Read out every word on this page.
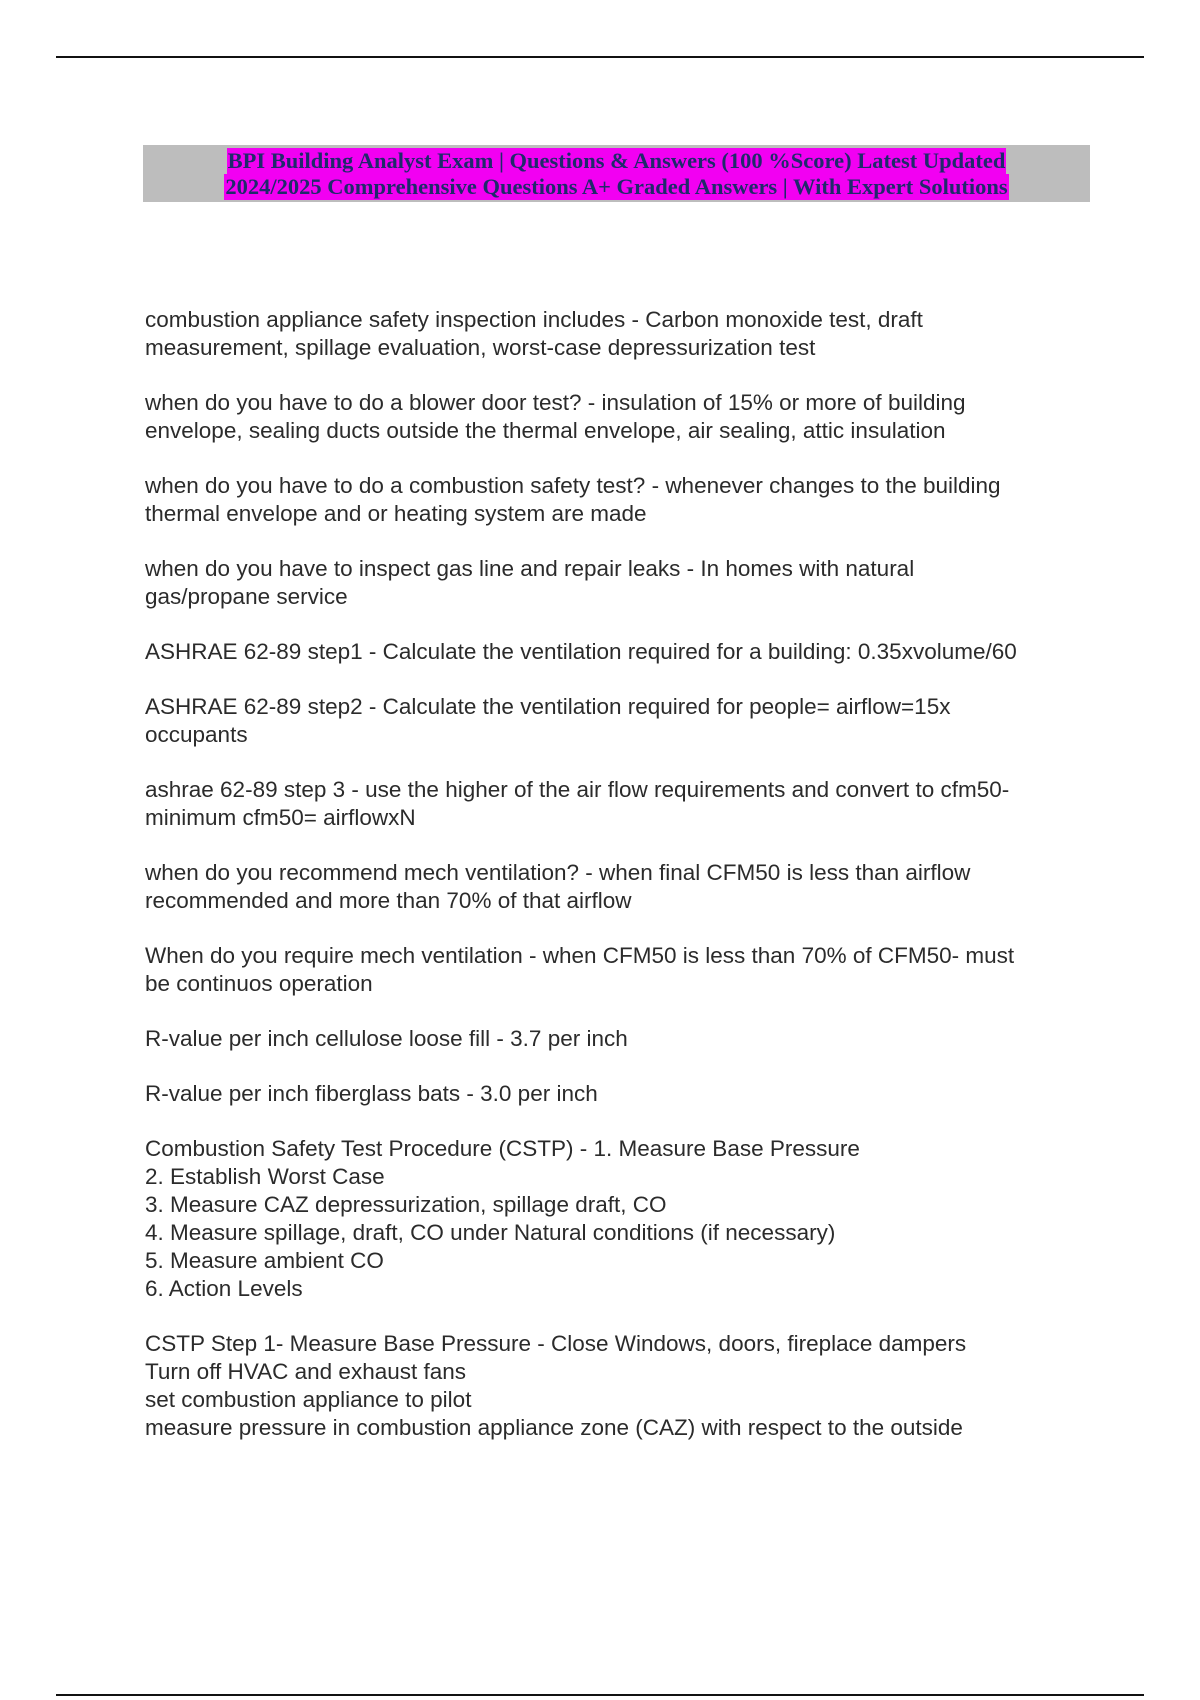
BPI Building Analyst Exam | Questions & Answers (100 %Score) Latest Updated
2024/2025 Comprehensive Questions A+ Graded Answers | With Expert Solutions
combustion appliance safety inspection includes - Carbon monoxide test, draft
measurement, spillage evaluation, worst-case depressurization test
when do you have to do a blower door test? - insulation of 15% or more of building
envelope, sealing ducts outside the thermal envelope, air sealing, attic insulation
when do you have to do a combustion safety test? - whenever changes to the building
thermal envelope and or heating system are made
when do you have to inspect gas line and repair leaks - In homes with natural
gas/propane service
ASHRAE 62-89 step1 - Calculate the ventilation required for a building: 0.35xvolume/60
ASHRAE 62-89 step2 - Calculate the ventilation required for people= airflow=15x
occupants
ashrae 62-89 step 3 - use the higher of the air flow requirements and convert to cfm50-
minimum cfm50= airflowxN
when do you recommend mech ventilation? - when final CFM50 is less than airflow
recommended and more than 70% of that airflow
When do you require mech ventilation - when CFM50 is less than 70% of CFM50- must
be continuos operation
R-value per inch cellulose loose fill - 3.7 per inch
R-value per inch fiberglass bats - 3.0 per inch
Combustion Safety Test Procedure (CSTP) - 1. Measure Base Pressure
2. Establish Worst Case
3. Measure CAZ depressurization, spillage draft, CO
4. Measure spillage, draft, CO under Natural conditions (if necessary)
5. Measure ambient CO
6. Action Levels
CSTP Step 1- Measure Base Pressure - Close Windows, doors, fireplace dampers
Turn off HVAC and exhaust fans
set combustion appliance to pilot
measure pressure in combustion appliance zone (CAZ) with respect to the outside
